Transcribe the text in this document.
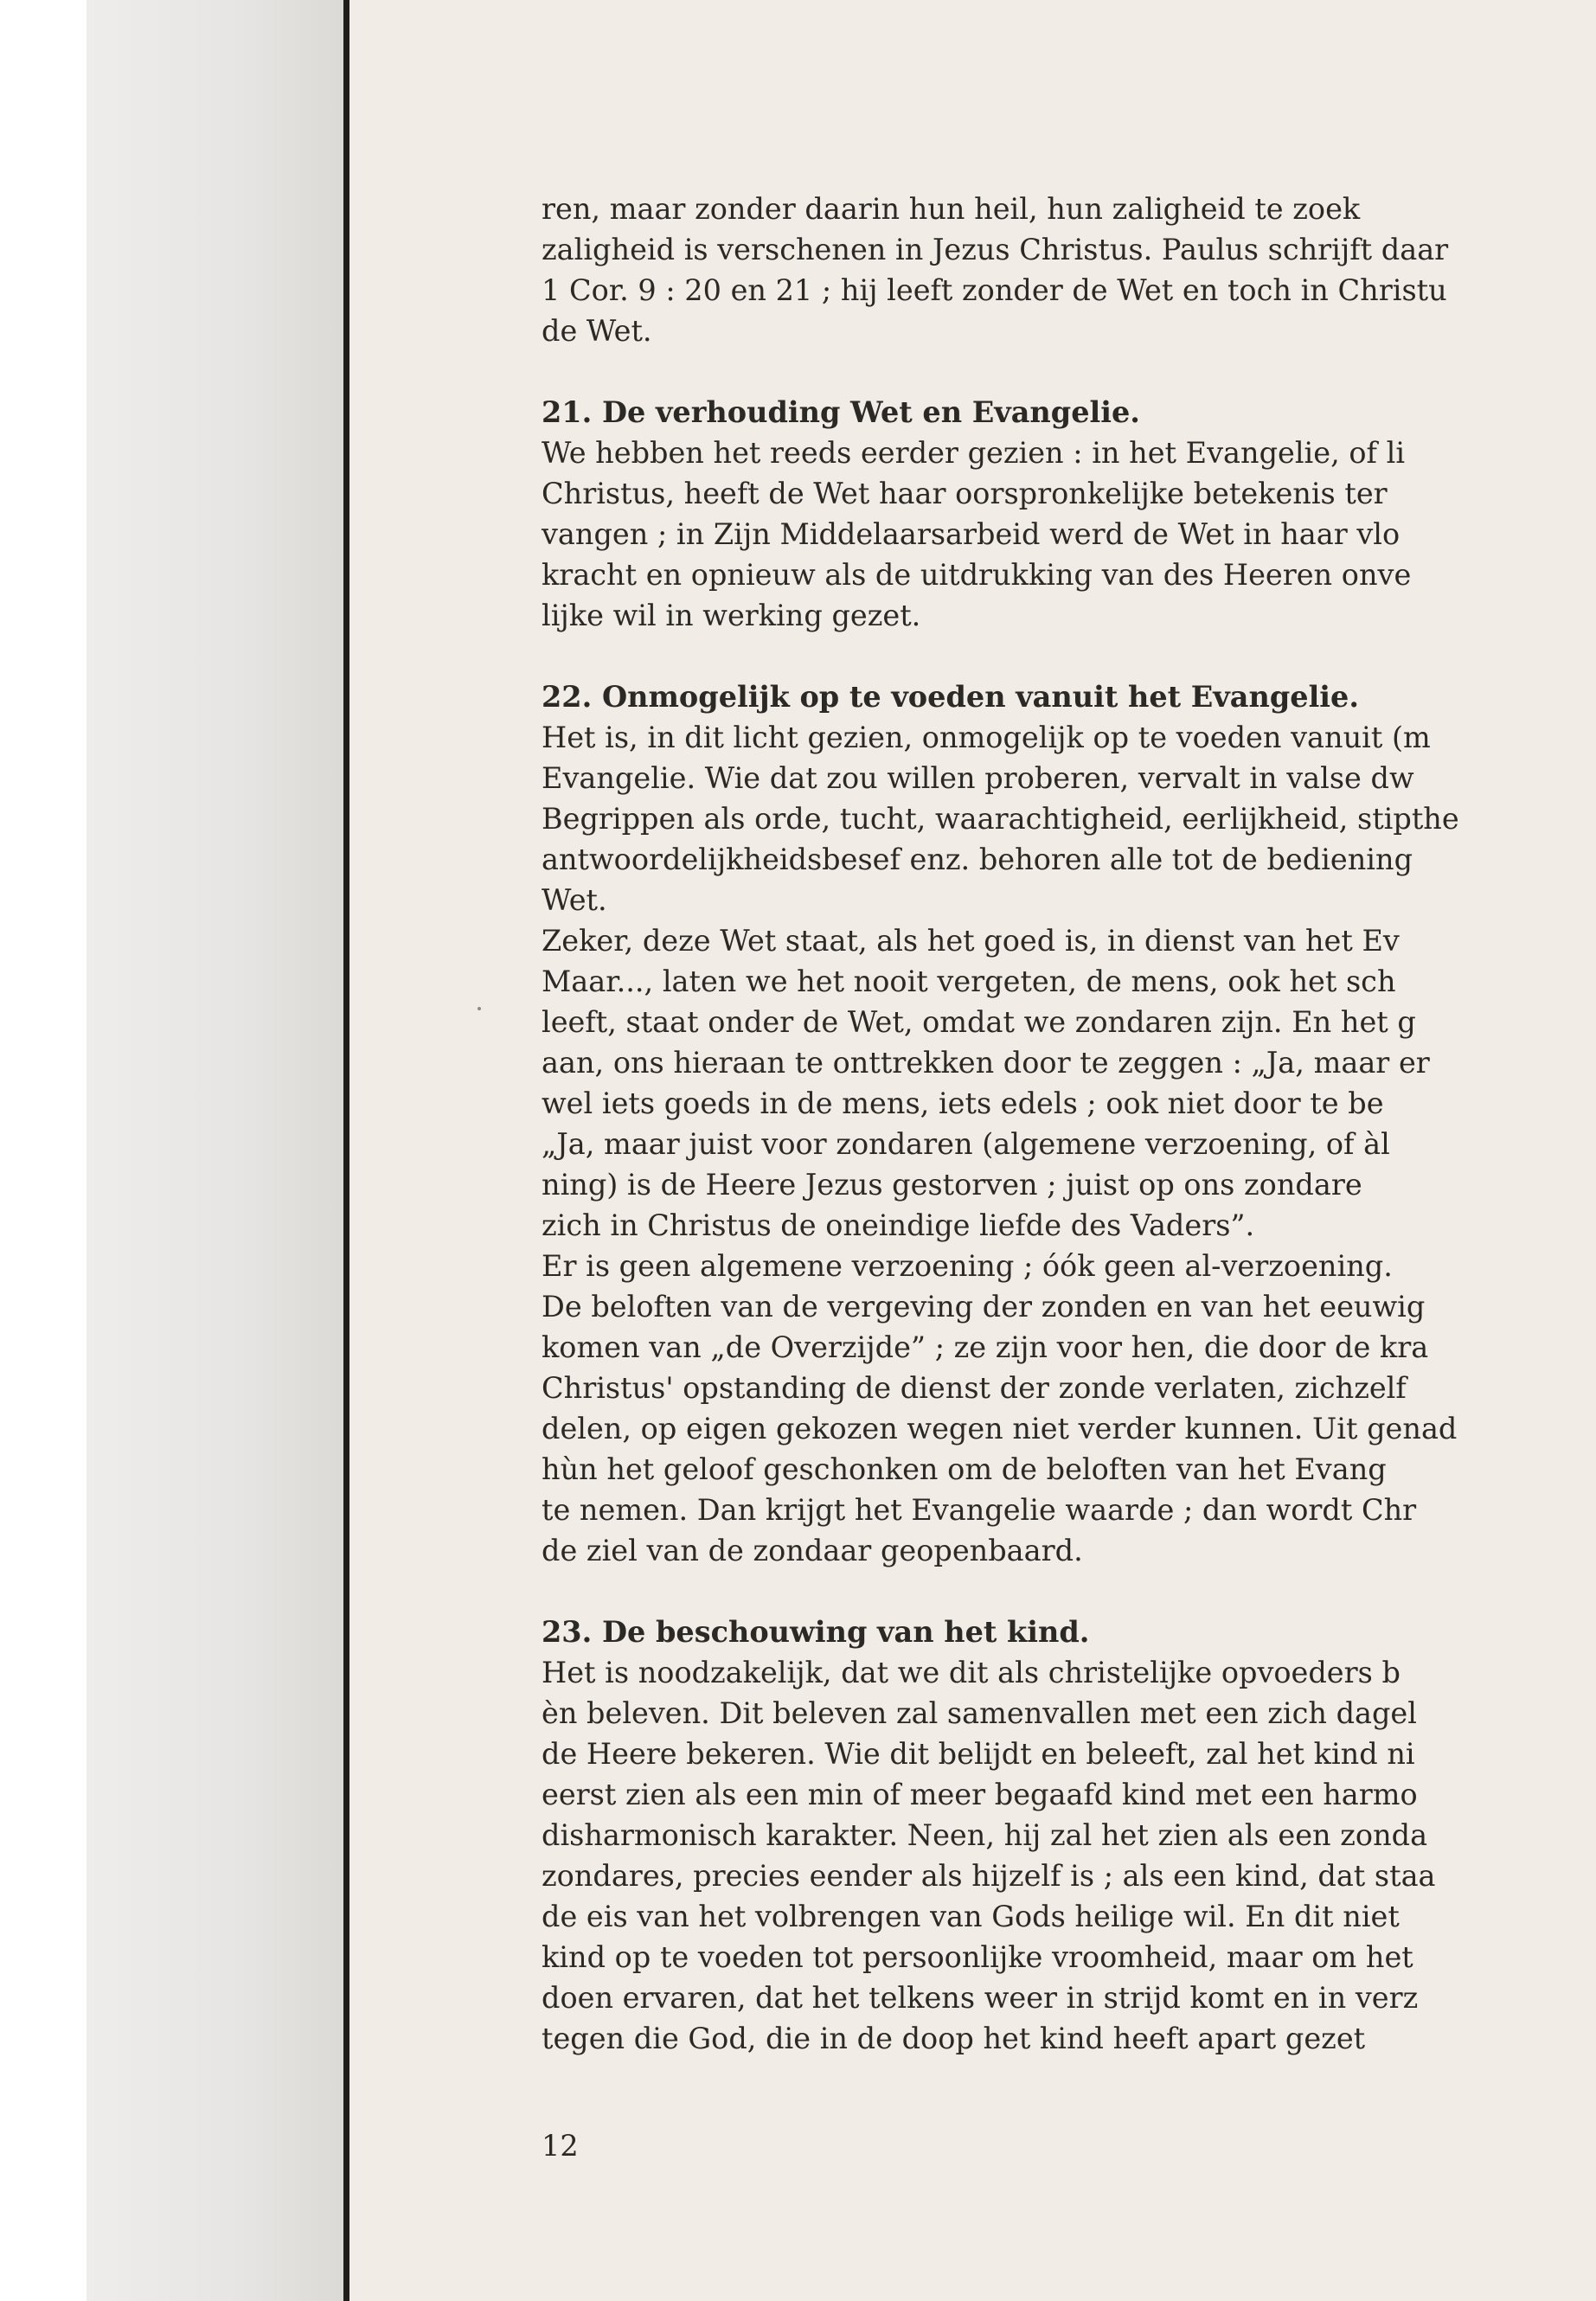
ren, maar zonder daarin hun heil, hun zaligheid te zoek
zaligheid is verschenen in Jezus Christus. Paulus schrijft daar
1 Cor. 9 : 20 en 21 ; hij leeft zonder de Wet en toch in Christu
de Wet.
21. De verhouding Wet en Evangelie.
We hebben het reeds eerder gezien : in het Evangelie, of li
Christus, heeft de Wet haar oorspronkelijke betekenis ter
vangen ; in Zijn Middelaarsarbeid werd de Wet in haar vlo
kracht en opnieuw als de uitdrukking van des Heeren onve
lijke wil in werking gezet.
22. Onmogelijk op te voeden vanuit het Evangelie.
Het is, in dit licht gezien, onmogelijk op te voeden vanuit (m
Evangelie. Wie dat zou willen proberen, vervalt in valse dw
Begrippen als orde, tucht, waarachtigheid, eerlijkheid, stipthe
antwoordelijkheidsbesef enz. behoren alle tot de bediening
Wet.
Zeker, deze Wet staat, als het goed is, in dienst van het Ev
Maar..., laten we het nooit vergeten, de mens, ook het sch
leeft, staat onder de Wet, omdat we zondaren zijn. En het g
aan, ons hieraan te onttrekken door te zeggen : „Ja, maar er
wel iets goeds in de mens, iets edels ; ook niet door te be
„Ja, maar juist voor zondaren (algemene verzoening, of àl
ning) is de Heere Jezus gestorven ; juist op ons zondare
zich in Christus de oneindige liefde des Vaders”.
Er is geen algemene verzoening ; óók geen al-verzoening.
De beloften van de vergeving der zonden en van het eeuwig
komen van „de Overzijde” ; ze zijn voor hen, die door de kra
Christus' opstanding de dienst der zonde verlaten, zichzelf
delen, op eigen gekozen wegen niet verder kunnen. Uit genad
hùn het geloof geschonken om de beloften van het Evang
te nemen. Dan krijgt het Evangelie waarde ; dan wordt Chr
de ziel van de zondaar geopenbaard.
23. De beschouwing van het kind.
Het is noodzakelijk, dat we dit als christelijke opvoeders b
èn beleven. Dit beleven zal samenvallen met een zich dagel
de Heere bekeren. Wie dit belijdt en beleeft, zal het kind ni
eerst zien als een min of meer begaafd kind met een harmo
disharmonisch karakter. Neen, hij zal het zien als een zonda
zondares, precies eender als hijzelf is ; als een kind, dat staa
de eis van het volbrengen van Gods heilige wil. En dit niet
kind op te voeden tot persoonlijke vroomheid, maar om het
doen ervaren, dat het telkens weer in strijd komt en in verz
tegen die God, die in de doop het kind heeft apart gezet
12
